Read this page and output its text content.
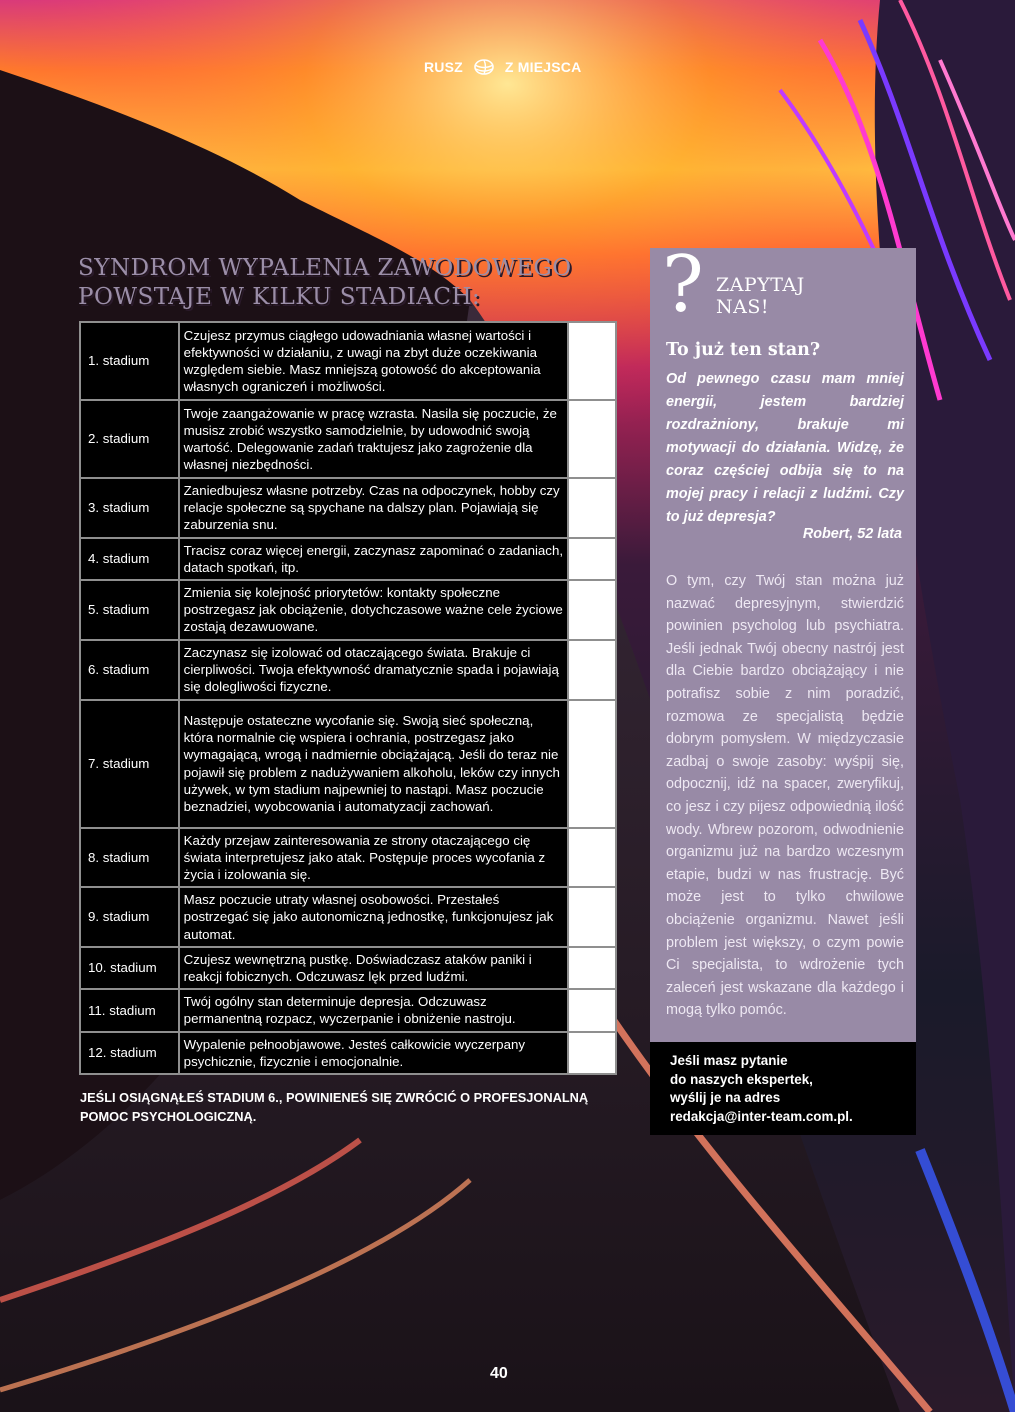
RUSZ	Z MIEJSCA
SYNDROM WYPALENIA ZAWODOWEGO
POWSTAJE W KILKU STADIACH:
1. stadium	Czujesz przymus ciągłego udowadniania własnej wartości i efektywności w działaniu, z uwagi na zbyt duże oczekiwania względem siebie. Masz mniejszą gotowość do akceptowania własnych ograniczeń i możliwości.	
2. stadium	Twoje zaangażowanie w pracę wzrasta. Nasila się poczucie, że musisz zrobić wszystko samodzielnie, by udowodnić swoją wartość. Delegowanie zadań traktujesz jako zagrożenie dla własnej niezbędności.	
3. stadium	Zaniedbujesz własne potrzeby. Czas na odpoczynek, hobby czy relacje społeczne są spychane na dalszy plan. Pojawiają się zaburzenia snu.	
4. stadium	Tracisz coraz więcej energii, zaczynasz zapominać o zadaniach, datach spotkań, itp.	
5. stadium	Zmienia się kolejność priorytetów: kontakty społeczne postrzegasz jak obciążenie, dotychczasowe ważne cele życiowe zostają dezawuowane.	
6. stadium	Zaczynasz się izolować od otaczającego świata. Brakuje ci cierpliwości. Twoja efektywność dramatycznie spada i pojawiają się dolegliwości fizyczne.	
7. stadium	Następuje ostateczne wycofanie się. Swoją sieć społeczną, która normalnie cię wspiera i ochrania, postrzegasz jako wymagającą, wrogą i nadmiernie obciążającą. Jeśli do teraz nie pojawił się problem z nadużywaniem alkoholu, leków czy innych używek, w tym stadium najpewniej to nastąpi. Masz poczucie beznadziei, wyobcowania i automatyzacji zachowań.	
8. stadium	Każdy przejaw zainteresowania ze strony otaczającego cię świata interpretujesz jako atak. Postępuje proces wycofania z życia i izolowania się.	
9. stadium	Masz poczucie utraty własnej osobowości. Przestałeś postrzegać się jako autonomiczną jednostkę, funkcjonujesz jak automat.	
10. stadium	Czujesz wewnętrzną pustkę. Doświadczasz ataków paniki i reakcji fobicznych. Odczuwasz lęk przed ludźmi.	
11. stadium	Twój ogólny stan determinuje depresja. Odczuwasz permanentną rozpacz, wyczerpanie i obniżenie nastroju.	
12. stadium	Wypalenie pełnoobjawowe. Jesteś całkowicie wyczerpany psychicznie, fizycznie i emocjonalnie.	
JEŚLI OSIĄGNĄŁEŚ STADIUM 6., POWINIENEŚ SIĘ ZWRÓCIĆ O PROFESJONALNĄ POMOC PSYCHOLOGICZNĄ.
? ZAPYTAJ
NAS!
To już ten stan?
Od pewnego czasu mam mniej energii, jestem bardziej rozdrażniony, brakuje mi motywacji do działania. Widzę, że coraz częściej odbija się to na mojej pracy i relacji z ludźmi. Czy to już depresja?
Robert, 52 lata
O tym, czy Twój stan można już nazwać depresyjnym, stwierdzić powinien psycholog lub psychiatra. Jeśli jednak Twój obecny nastrój jest dla Ciebie bardzo obciążający i nie potrafisz sobie z nim poradzić, rozmowa ze specjalistą będzie dobrym pomysłem. W międzyczasie zadbaj o swoje zasoby: wyśpij się, odpocznij, idź na spacer, zweryfikuj, co jesz i czy pijesz odpowiednią ilość wody. Wbrew pozorom, odwodnienie organizmu już na bardzo wczesnym etapie, budzi w nas frustrację. Być może jest to tylko chwilowe obciążenie organizmu. Nawet jeśli problem jest większy, o czym powie Ci specjalista, to wdrożenie tych zaleceń jest wskazane dla każdego i mogą tylko pomóc.
Jeśli masz pytanie
do naszych ekspertek,
wyślij je na adres
redakcja@inter-team.com.pl.
40
